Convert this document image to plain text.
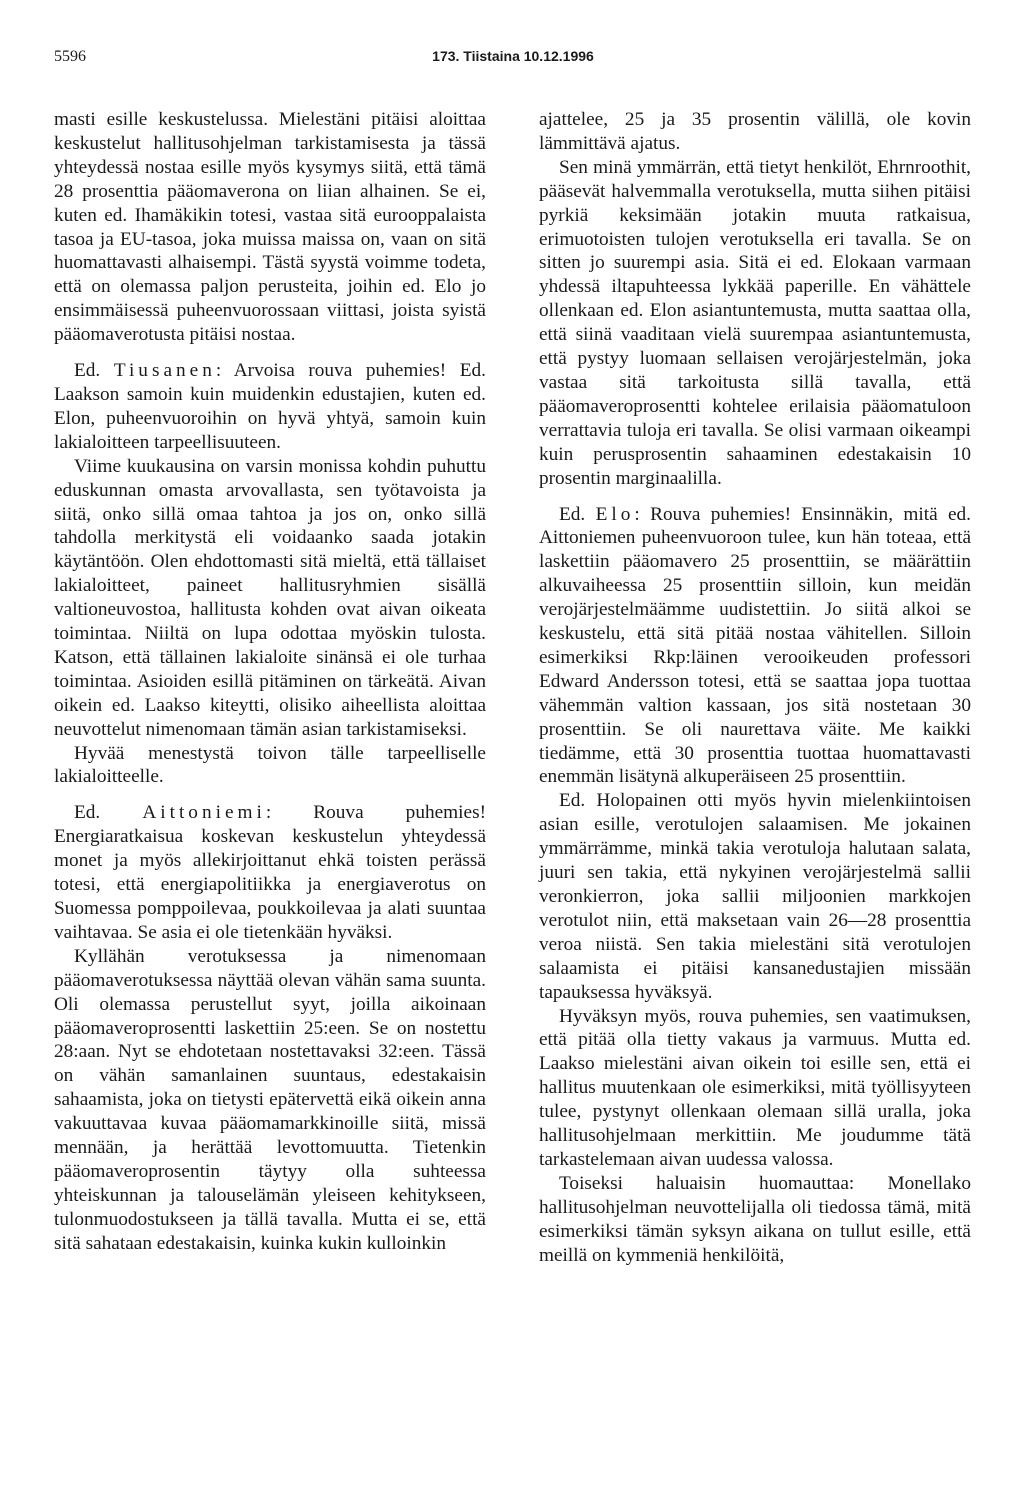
5596	173. Tiistaina 10.12.1996

masti esille keskustelussa. Mielestäni pitäisi aloittaa keskustelut hallitusohjelman tarkistamisesta ja tässä yhteydessä nostaa esille myös kysymys siitä, että tämä 28 prosenttia pääomaverona on liian alhainen. Se ei, kuten ed. Ihamäkikin totesi, vastaa sitä eurooppalaista tasoa ja EU-tasoa, joka muissa maissa on, vaan on sitä huomattavasti alhaisempi. Tästä syystä voimme todeta, että on olemassa paljon perusteita, joihin ed. Elo jo ensimmäisessä puheenvuorossaan viittasi, joista syistä pääomaverotusta pitäisi nostaa.

Ed. Tiusanen: Arvoisa rouva puhemies! Ed. Laakson samoin kuin muidenkin edustajien, kuten ed. Elon, puheenvuoroihin on hyvä yhtyä, samoin kuin lakialoitteen tarpeellisuuteen.

Viime kuukausina on varsin monissa kohdin puhuttu eduskunnan omasta arvovallasta, sen työtavoista ja siitä, onko sillä omaa tahtoa ja jos on, onko sillä tahdolla merkitystä eli voidaanko saada jotakin käytäntöön. Olen ehdottomasti sitä mieltä, että tällaiset lakialoitteet, paineet hallitusryhmien sisällä valtioneuvostoa, hallitusta kohden ovat aivan oikeata toimintaa. Niiltä on lupa odottaa myöskin tulosta. Katson, että tällainen lakialoite sinänsä ei ole turhaa toimintaa. Asioiden esillä pitäminen on tärkeätä. Aivan oikein ed. Laakso kiteytti, olisiko aiheellista aloittaa neuvottelut nimenomaan tämän asian tarkistamiseksi.

Hyvää menestystä toivon tälle tarpeelliselle lakialoitteelle.

Ed. Aittoniemi: Rouva puhemies! Energiaratkaisua koskevan keskustelun yhteydessä monet ja myös allekirjoittanut ehkä toisten perässä totesi, että energiapolitiikka ja energiaverotus on Suomessa pomppoilevaa, poukkoilevaa ja alati suuntaa vaihtavaa. Se asia ei ole tietenkään hyväksi.

Kyllähän verotuksessa ja nimenomaan pääomaverotuksessa näyttää olevan vähän sama suunta. Oli olemassa perustellut syyt, joilla aikoinaan pääomaveroprosentti laskettiin 25:een. Se on nostettu 28:aan. Nyt se ehdotetaan nostettavaksi 32:een. Tässä on vähän samanlainen suuntaus, edestakaisin sahaamista, joka on tietysti epätervettä eikä oikein anna vakuuttavaa kuvaa pääomamarkkinoille siitä, missä mennään, ja herättää levottomuutta. Tietenkin pääomaveroprosentin täytyy olla suhteessa yhteiskunnan ja talouselämän yleiseen kehitykseen, tulonmuodostukseen ja tällä tavalla. Mutta ei se, että sitä sahataan edestakaisin, kuinka kukin kulloinkin

ajattelee, 25 ja 35 prosentin välillä, ole kovin lämmittävä ajatus.

Sen minä ymmärrän, että tietyt henkilöt, Ehrnroothit, pääsevät halvemmalla verotuksella, mutta siihen pitäisi pyrkiä keksimään jotakin muuta ratkaisua, erimuotoisten tulojen verotuksella eri tavalla. Se on sitten jo suurempi asia. Sitä ei ed. Elokaan varmaan yhdessä iltapuhteessa lykkää paperille. En vähättele ollenkaan ed. Elon asiantuntemusta, mutta saattaa olla, että siinä vaaditaan vielä suurempaa asiantuntemusta, että pystyy luomaan sellaisen verojärjestelmän, joka vastaa sitä tarkoitusta sillä tavalla, että pääomaveroprosentti kohtelee erilaisia pääomatuloon verrattavia tuloja eri tavalla. Se olisi varmaan oikeampi kuin perusprosentin sahaaminen edestakaisin 10 prosentin marginaalilla.

Ed. Elo: Rouva puhemies! Ensinnäkin, mitä ed. Aittoniemen puheenvuoroon tulee, kun hän toteaa, että laskettiin pääomavero 25 prosenttiin, se määrättiin alkuvaiheessa 25 prosenttiin silloin, kun meidän verojärjestelmäämme uudistettiin. Jo siitä alkoi se keskustelu, että sitä pitää nostaa vähitellen. Silloin esimerkiksi Rkp:läinen verooikeuden professori Edward Andersson totesi, että se saattaa jopa tuottaa vähemmän valtion kassaan, jos sitä nostetaan 30 prosenttiin. Se oli naurettava väite. Me kaikki tiedämme, että 30 prosenttia tuottaa huomattavasti enemmän lisätynä alkuperäiseen 25 prosenttiin.

Ed. Holopainen otti myös hyvin mielenkiintoisen asian esille, verotulojen salaamisen. Me jokainen ymmärrämme, minkä takia verotuloja halutaan salata, juuri sen takia, että nykyinen verojärjestelmä sallii veronkierron, joka sallii miljoonien markkojen verotulot niin, että maksetaan vain 26—28 prosenttia veroa niistä. Sen takia mielestäni sitä verotulojen salaamista ei pitäisi kansanedustajien missään tapauksessa hyväksyä.

Hyväksyn myös, rouva puhemies, sen vaatimuksen, että pitää olla tietty vakaus ja varmuus. Mutta ed. Laakso mielestäni aivan oikein toi esille sen, että ei hallitus muutenkaan ole esimerkiksi, mitä työllisyyteen tulee, pystynyt ollenkaan olemaan sillä uralla, joka hallitusohjelmaan merkittiin. Me joudumme tätä tarkastelemaan aivan uudessa valossa.

Toiseksi haluaisin huomauttaa: Monellako hallitusohjelman neuvottelijalla oli tiedossa tämä, mitä esimerkiksi tämän syksyn aikana on tullut esille, että meillä on kymmeniä henkilöitä,
